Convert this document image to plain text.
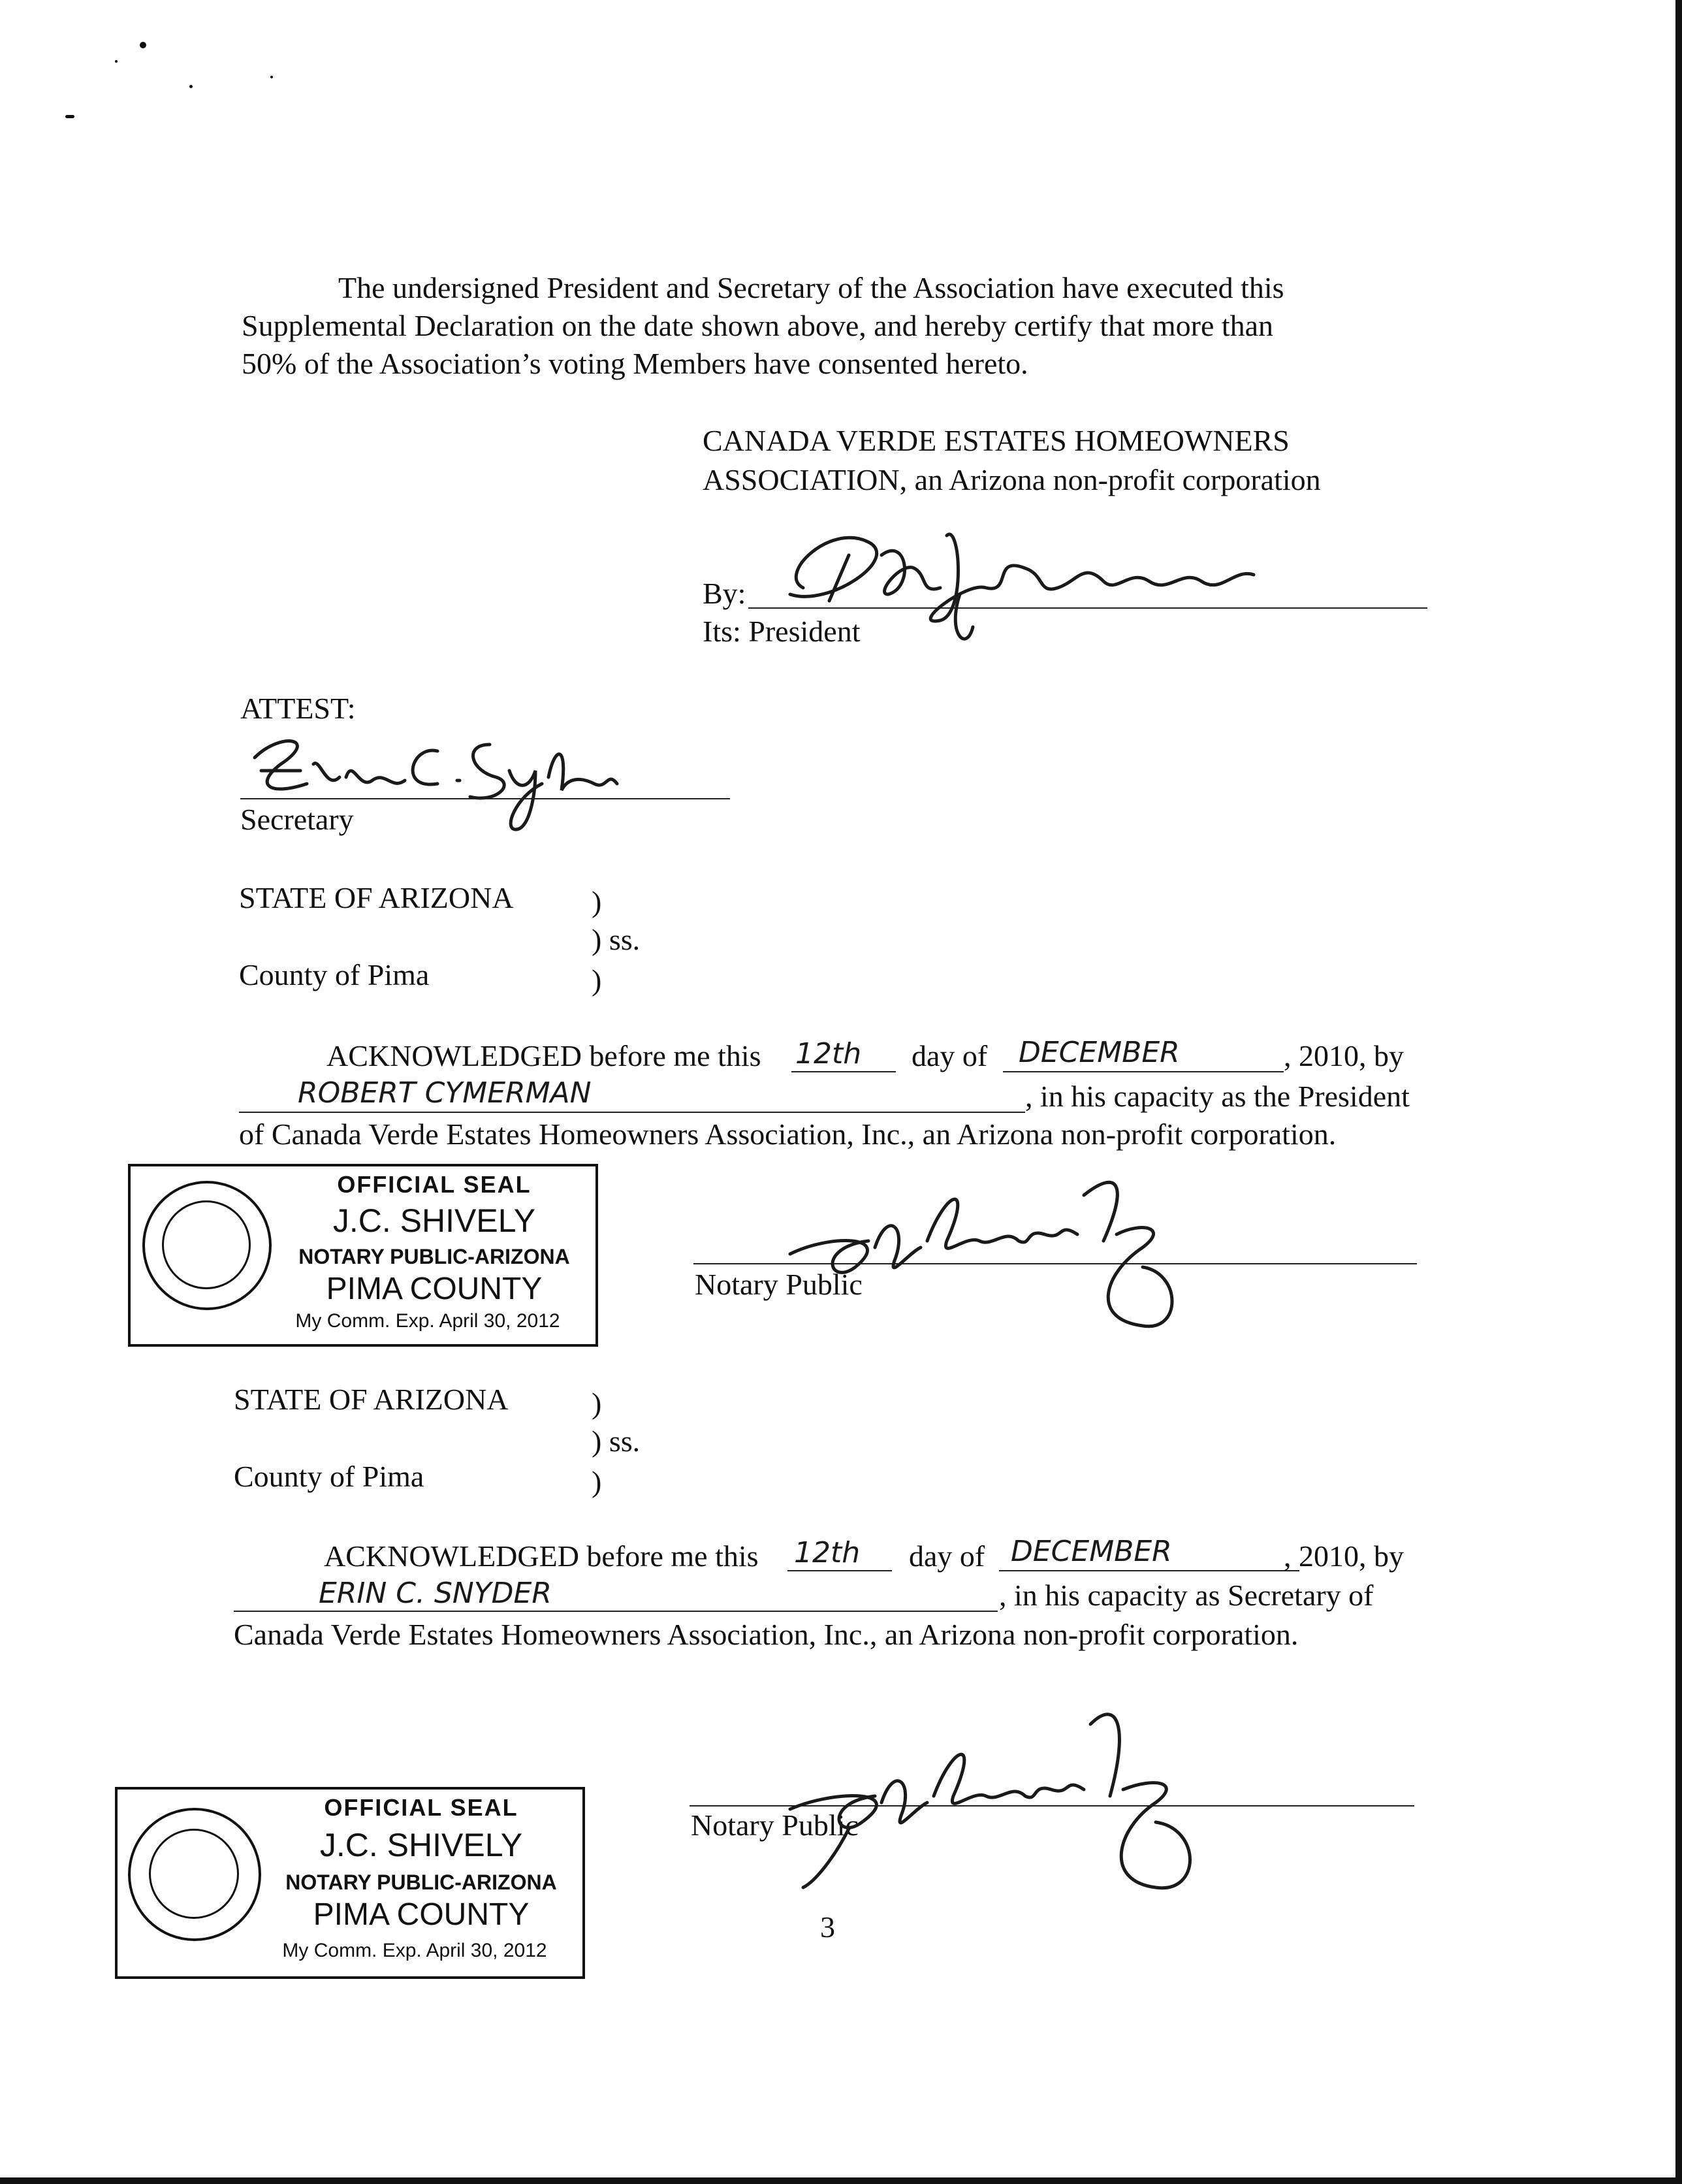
The undersigned President and Secretary of the Association have executed this
Supplemental Declaration on the date shown above, and hereby certify that more than
50% of the Association’s voting Members have consented hereto.
CANADA VERDE ESTATES HOMEOWNERS
ASSOCIATION, an Arizona non-profit corporation
By:
Its: President
ATTEST:
Secretary
STATE OF ARIZONA	)
) ss.
County of Pima	)
ACKNOWLEDGED before me this 12th day of DECEMBER	, 2010, by
ROBERT CYMERMAN	, in his capacity as the President
of Canada Verde Estates Homeowners Association, Inc., an Arizona non-profit corporation.
OFFICIAL SEAL
J.C. SHIVELY
NOTARY PUBLIC-ARIZONA
PIMA COUNTY
My Comm. Exp. April 30, 2012
Notary Public
STATE OF ARIZONA	)
) ss.
County of Pima	)
ACKNOWLEDGED before me this 12th day of DECEMBER	, 2010, by
ERIN C. SNYDER	, in his capacity as Secretary of
Canada Verde Estates Homeowners Association, Inc., an Arizona non-profit corporation.
OFFICIAL SEAL
J.C. SHIVELY
NOTARY PUBLIC-ARIZONA
PIMA COUNTY
My Comm. Exp. April 30, 2012
Notary Public
3
